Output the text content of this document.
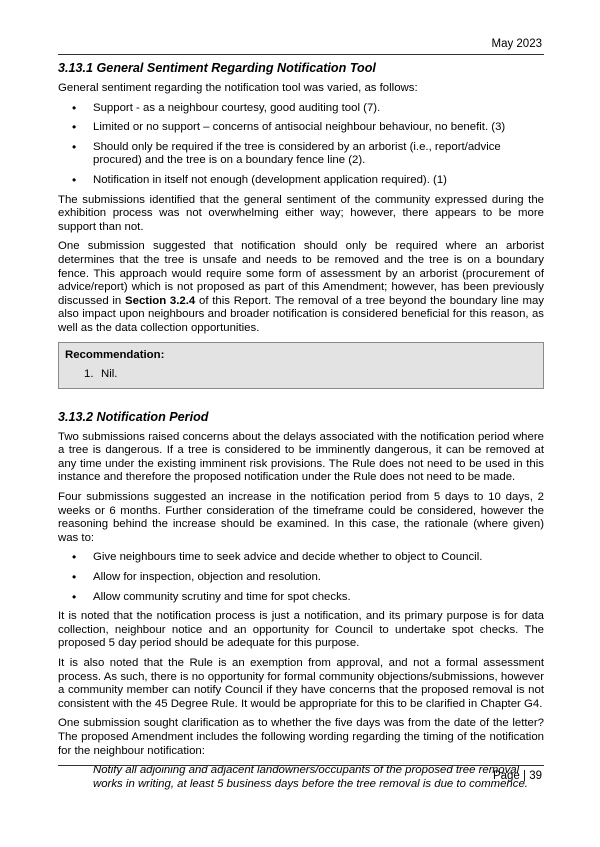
May 2023
3.13.1 General Sentiment Regarding Notification Tool

General sentiment regarding the notification tool was varied, as follows:

• Support - as a neighbour courtesy, good auditing tool (7).
• Limited or no support – concerns of antisocial neighbour behaviour, no benefit. (3)
• Should only be required if the tree is considered by an arborist (i.e., report/advice procured) and the tree is on a boundary fence line (2).
• Notification in itself not enough (development application required). (1)

The submissions identified that the general sentiment of the community expressed during the exhibition process was not overwhelming either way; however, there appears to be more support than not.

One submission suggested that notification should only be required where an arborist determines that the tree is unsafe and needs to be removed and the tree is on a boundary fence. This approach would require some form of assessment by an arborist (procurement of advice/report) which is not proposed as part of this Amendment; however, has been previously discussed in Section 3.2.4 of this Report. The removal of a tree beyond the boundary line may also impact upon neighbours and broader notification is considered beneficial for this reason, as well as the data collection opportunities.

Recommendation:
1. Nil.
3.13.2 Notification Period

Two submissions raised concerns about the delays associated with the notification period where a tree is dangerous. If a tree is considered to be imminently dangerous, it can be removed at any time under the existing imminent risk provisions. The Rule does not need to be used in this instance and therefore the proposed notification under the Rule does not need to be made.

Four submissions suggested an increase in the notification period from 5 days to 10 days, 2 weeks or 6 months. Further consideration of the timeframe could be considered, however the reasoning behind the increase should be examined. In this case, the rationale (where given) was to:

• Give neighbours time to seek advice and decide whether to object to Council.
• Allow for inspection, objection and resolution.
• Allow community scrutiny and time for spot checks.

It is noted that the notification process is just a notification, and its primary purpose is for data collection, neighbour notice and an opportunity for Council to undertake spot checks. The proposed 5 day period should be adequate for this purpose.

It is also noted that the Rule is an exemption from approval, and not a formal assessment process. As such, there is no opportunity for formal community objections/submissions, however a community member can notify Council if they have concerns that the proposed removal is not consistent with the 45 Degree Rule. It would be appropriate for this to be clarified in Chapter G4.

One submission sought clarification as to whether the five days was from the date of the letter? The proposed Amendment includes the following wording regarding the timing of the notification for the neighbour notification:

Notify all adjoining and adjacent landowners/occupants of the proposed tree removal works in writing, at least 5 business days before the tree removal is due to commence.

Page | 39
